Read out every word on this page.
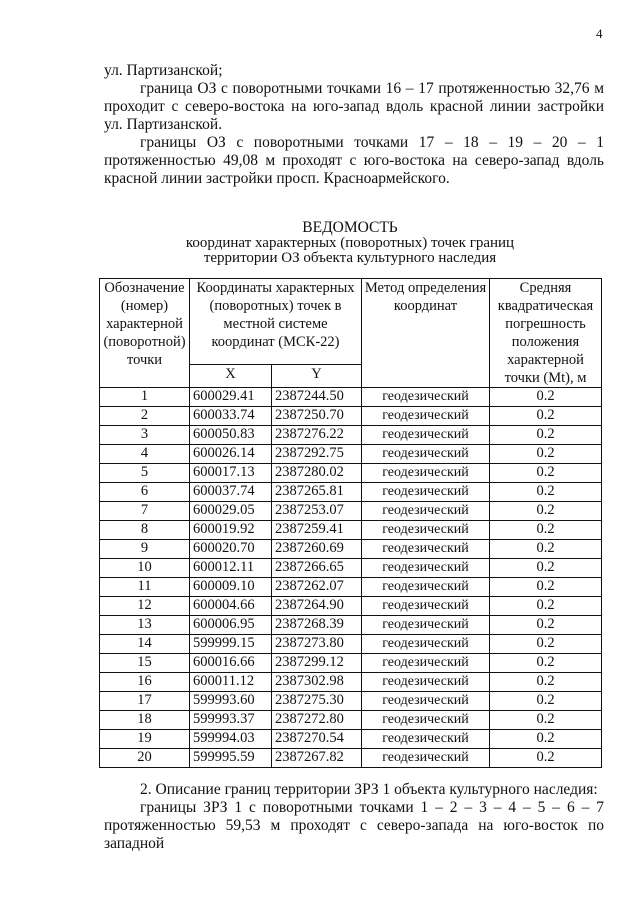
4

ул. Партизанской;

граница ОЗ с поворотными точками 16 – 17 протяженностью 32,76 м проходит с северо-востока на юго-запад вдоль красной линии застройки ул. Партизанской.

границы ОЗ с поворотными точками 17 – 18 – 19 – 20 – 1 протяженностью 49,08 м проходят с юго-востока на северо-запад вдоль красной линии застройки просп. Красноармейского.

ВЕДОМОСТЬ
координат характерных (поворотных) точек границ
территории ОЗ объекта культурного наследия
Обозначение (номер) характерной (поворотной) точки	Координаты характерных (поворотных) точек в местной системе координат (МСК-22)		Метод определения координат	Средняя квадратическая погрешность положения характерной точки (Mt), м
	X	Y		
1	600029.41	2387244.50	геодезический	0.2
2	600033.74	2387250.70	геодезический	0.2
3	600050.83	2387276.22	геодезический	0.2
4	600026.14	2387292.75	геодезический	0.2
5	600017.13	2387280.02	геодезический	0.2
6	600037.74	2387265.81	геодезический	0.2
7	600029.05	2387253.07	геодезический	0.2
8	600019.92	2387259.41	геодезический	0.2
9	600020.70	2387260.69	геодезический	0.2
10	600012.11	2387266.65	геодезический	0.2
11	600009.10	2387262.07	геодезический	0.2
12	600004.66	2387264.90	геодезический	0.2
13	600006.95	2387268.39	геодезический	0.2
14	599999.15	2387273.80	геодезический	0.2
15	600016.66	2387299.12	геодезический	0.2
16	600011.12	2387302.98	геодезический	0.2
17	599993.60	2387275.30	геодезический	0.2
18	599993.37	2387272.80	геодезический	0.2
19	599994.03	2387270.54	геодезический	0.2
20	599995.59	2387267.82	геодезический	0.2

2. Описание границ территории ЗРЗ 1 объекта культурного наследия:

границы ЗРЗ 1 с поворотными точками 1 – 2 – 3 – 4 – 5 – 6 – 7 протяженностью 59,53 м проходят с северо-запада на юго-восток по западной
